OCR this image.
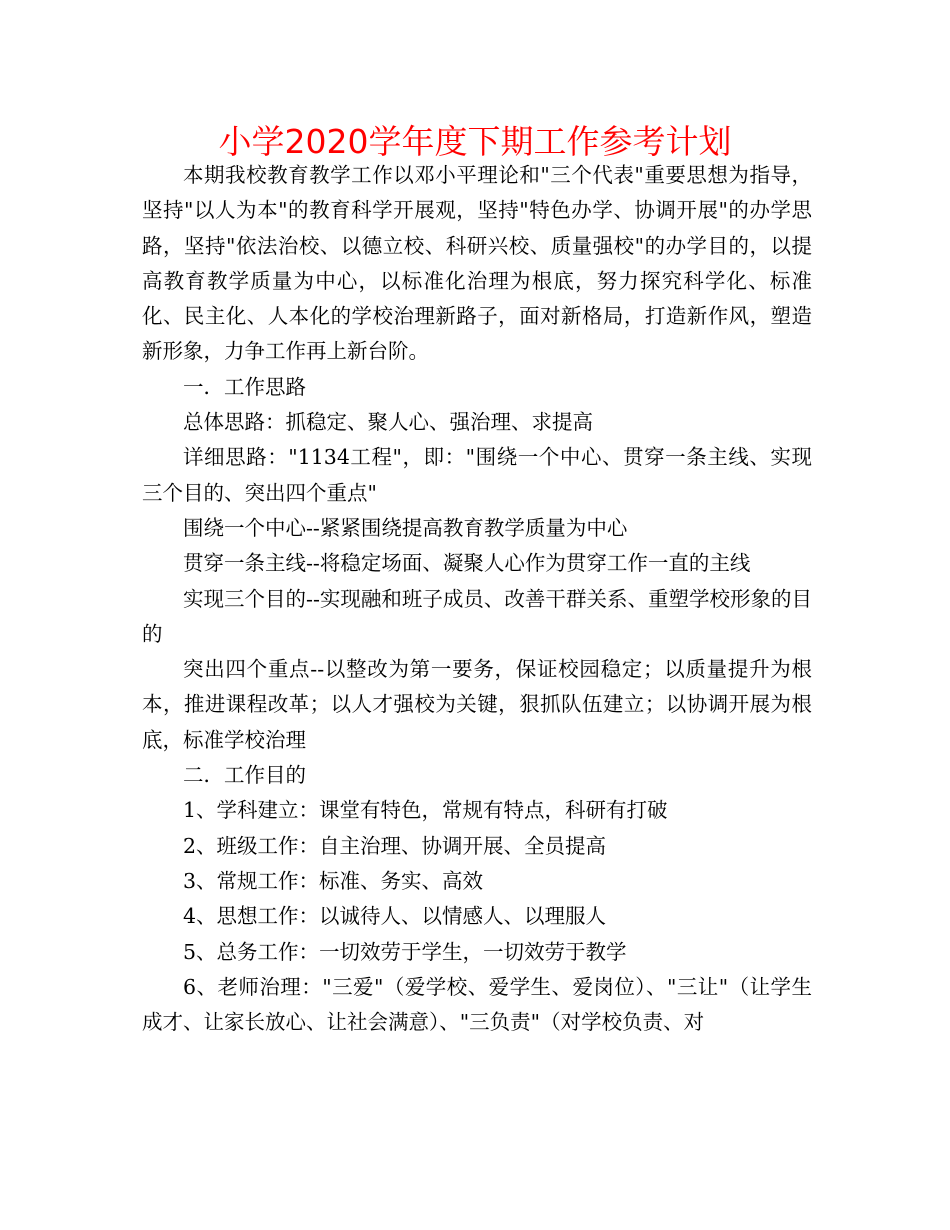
小学2020学年度下期工作参考计划

本期我校教育教学工作以邓小平理论和"三个代表"重要思想为指导，坚持"以人为本"的教育科学开展观，坚持"特色办学、协调开展"的办学思路，坚持"依法治校、以德立校、科研兴校、质量强校"的办学目的，以提高教育教学质量为中心，以标准化治理为根底，努力探究科学化、标准化、民主化、人本化的学校治理新路子，面对新格局，打造新作风，塑造新形象，力争工作再上新台阶。

一．工作思路

总体思路：抓稳定、聚人心、强治理、求提高

详细思路："1134工程"，即："围绕一个中心、贯穿一条主线、实现三个目的、突出四个重点"

围绕一个中心--紧紧围绕提高教育教学质量为中心

贯穿一条主线--将稳定场面、凝聚人心作为贯穿工作一直的主线

实现三个目的--实现融和班子成员、改善干群关系、重塑学校形象的目的

突出四个重点--以整改为第一要务，保证校园稳定；以质量提升为根本，推进课程改革；以人才强校为关键，狠抓队伍建立；以协调开展为根底，标准学校治理

二．工作目的

1、学科建立：课堂有特色，常规有特点，科研有打破

2、班级工作：自主治理、协调开展、全员提高

3、常规工作：标准、务实、高效

4、思想工作：以诚待人、以情感人、以理服人

5、总务工作：一切效劳于学生，一切效劳于教学

6、老师治理："三爱"（爱学校、爱学生、爱岗位）、"三让"（让学生成才、让家长放心、让社会满意）、"三负责"（对学校负责、对
